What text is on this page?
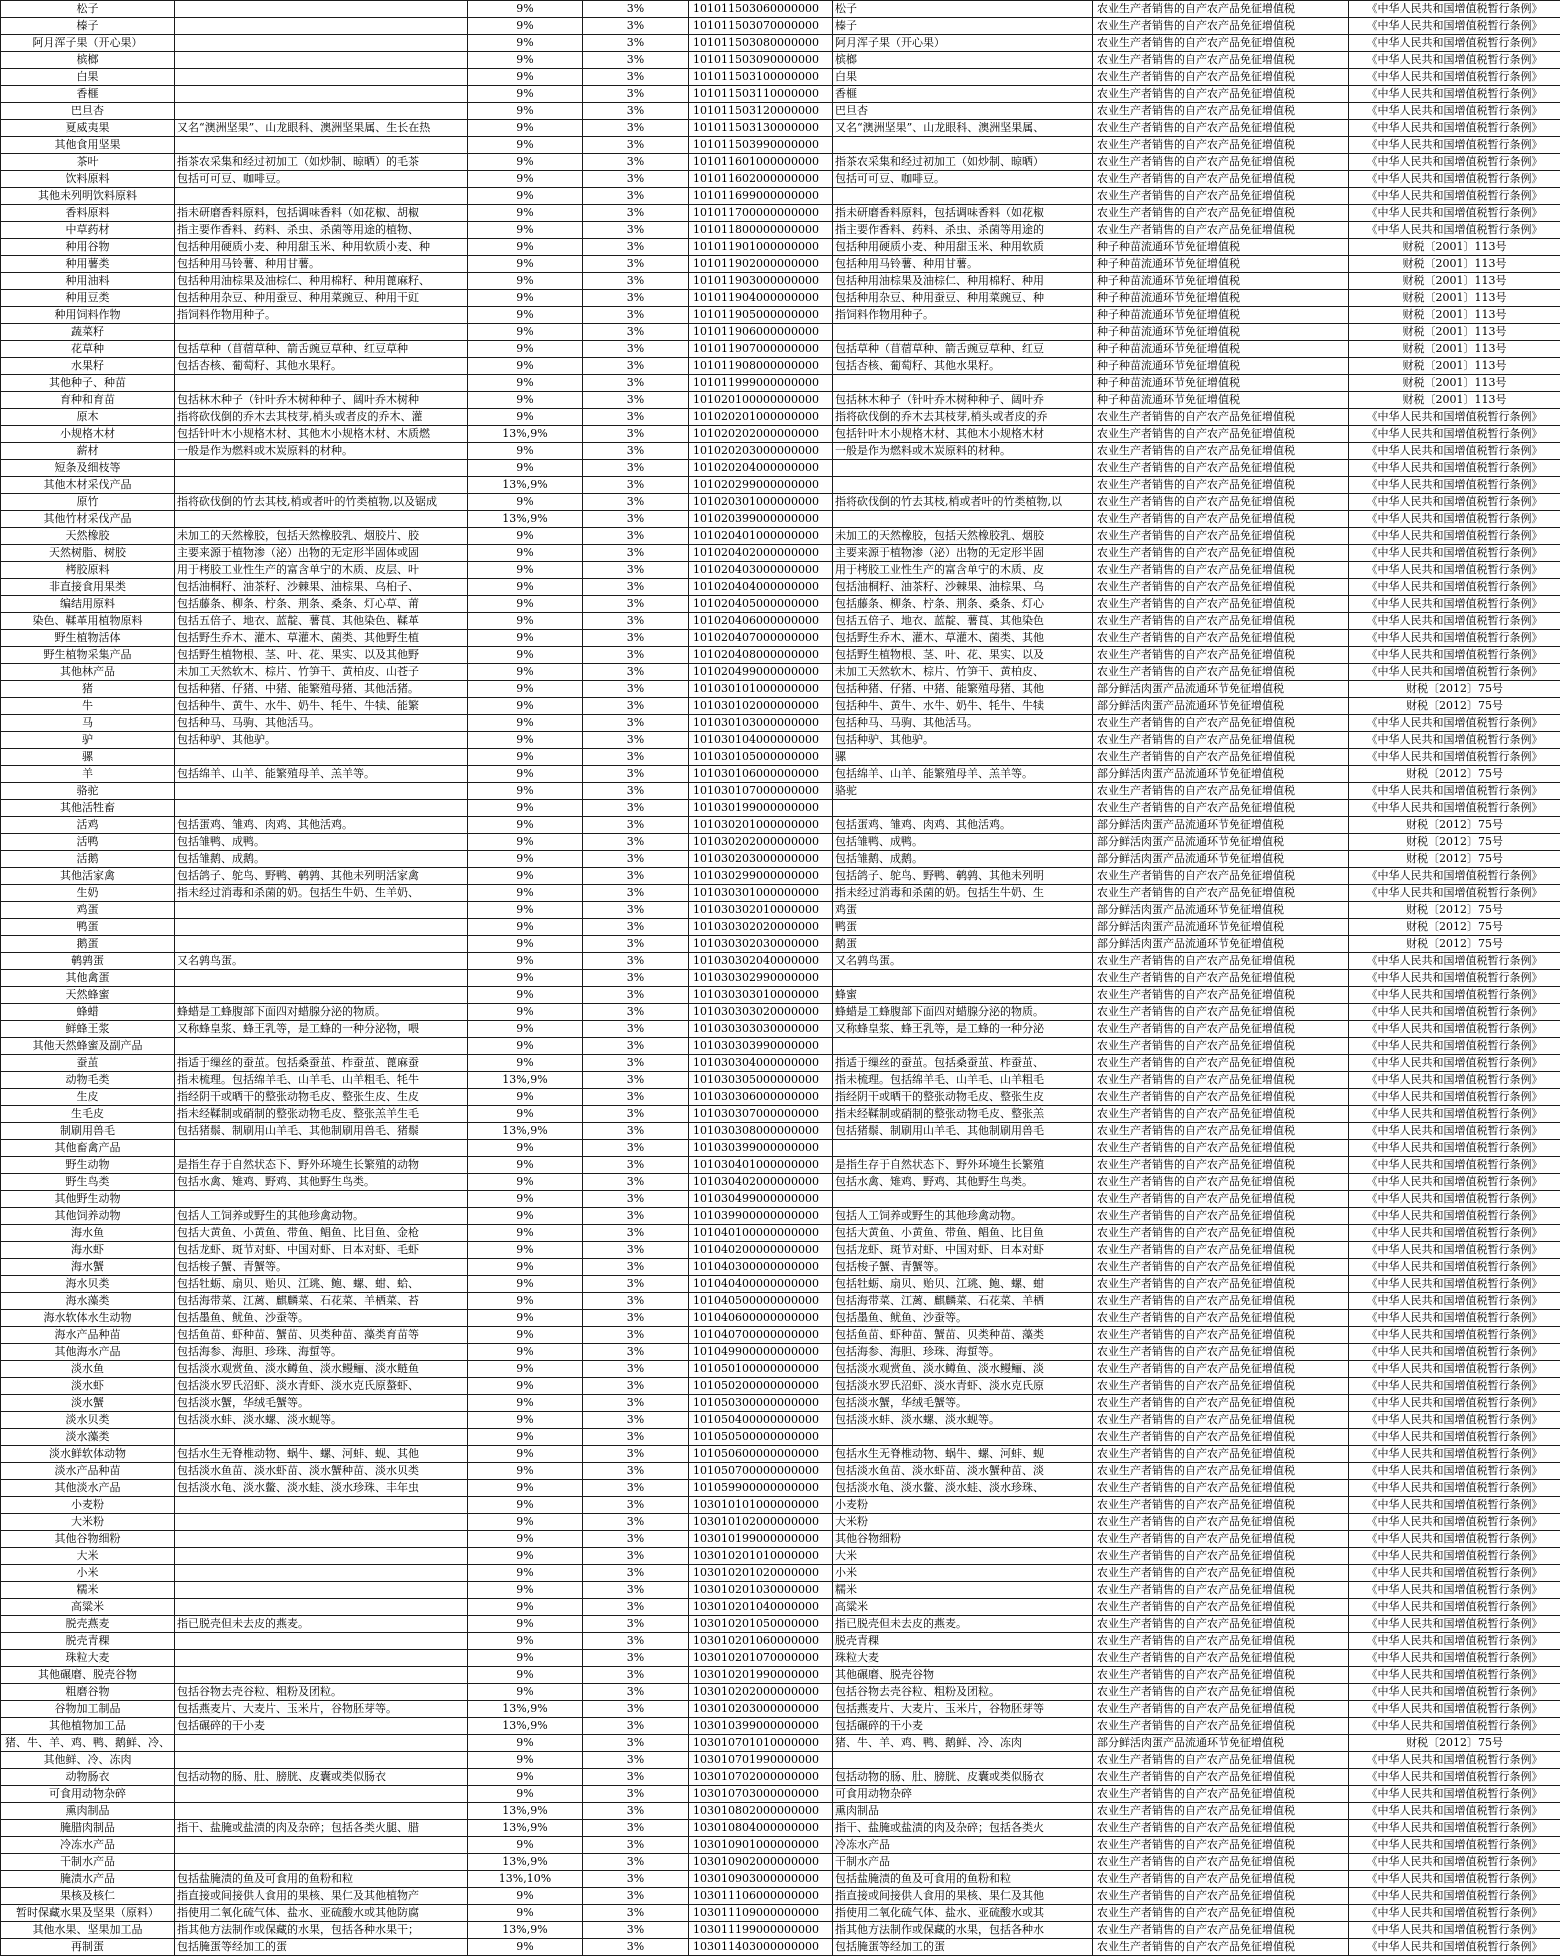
松子		9%	3%	101011503060000000	松子	农业生产者销售的自产农产品免征增值税	《中华人民共和国增值税暂行条例》
榛子		9%	3%	101011503070000000	榛子	农业生产者销售的自产农产品免征增值税	《中华人民共和国增值税暂行条例》
阿月浑子果（开心果）		9%	3%	101011503080000000	阿月浑子果（开心果）	农业生产者销售的自产农产品免征增值税	《中华人民共和国增值税暂行条例》
槟榔		9%	3%	101011503090000000	槟榔	农业生产者销售的自产农产品免征增值税	《中华人民共和国增值税暂行条例》
白果		9%	3%	101011503100000000	白果	农业生产者销售的自产农产品免征增值税	《中华人民共和国增值税暂行条例》
香榧		9%	3%	101011503110000000	香榧	农业生产者销售的自产农产品免征增值税	《中华人民共和国增值税暂行条例》
巴旦杏		9%	3%	101011503120000000	巴旦杏	农业生产者销售的自产农产品免征增值税	《中华人民共和国增值税暂行条例》
夏威夷果	又名“澳洲坚果”、山龙眼科、澳洲坚果属、生长在热	9%	3%	101011503130000000	又名“澳洲坚果”、山龙眼科、澳洲坚果属、	农业生产者销售的自产农产品免征增值税	《中华人民共和国增值税暂行条例》
其他食用坚果		9%	3%	101011503990000000		农业生产者销售的自产农产品免征增值税	《中华人民共和国增值税暂行条例》
茶叶	指茶农采集和经过初加工（如炒制、晾晒）的毛茶	9%	3%	101011601000000000	指茶农采集和经过初加工（如炒制、晾晒）	农业生产者销售的自产农产品免征增值税	《中华人民共和国增值税暂行条例》
饮料原料	包括可可豆、咖啡豆。	9%	3%	101011602000000000	包括可可豆、咖啡豆。	农业生产者销售的自产农产品免征增值税	《中华人民共和国增值税暂行条例》
其他未列明饮料原料		9%	3%	101011699000000000		农业生产者销售的自产农产品免征增值税	《中华人民共和国增值税暂行条例》
香料原料	指未研磨香料原料，包括调味香料（如花椒、胡椒	9%	3%	101011700000000000	指未研磨香料原料，包括调味香料（如花椒	农业生产者销售的自产农产品免征增值税	《中华人民共和国增值税暂行条例》
中草药材	指主要作香料、药料、杀虫、杀菌等用途的植物、	9%	3%	101011800000000000	指主要作香料、药料、杀虫、杀菌等用途的	农业生产者销售的自产农产品免征增值税	《中华人民共和国增值税暂行条例》
种用谷物	包括种用硬质小麦、种用甜玉米、种用软质小麦、种	9%	3%	101011901000000000	包括种用硬质小麦、种用甜玉米、种用软质	种子种苗流通环节免征增值税	财税〔2001〕113号
种用薯类	包括种用马铃薯、种用甘薯。	9%	3%	101011902000000000	包括种用马铃薯、种用甘薯。	种子种苗流通环节免征增值税	财税〔2001〕113号
种用油料	包括种用油棕果及油棕仁、种用棉籽、种用蓖麻籽、	9%	3%	101011903000000000	包括种用油棕果及油棕仁、种用棉籽、种用	种子种苗流通环节免征增值税	财税〔2001〕113号
种用豆类	包括种用杂豆、种用蚕豆、种用菜豌豆、种用干豇	9%	3%	101011904000000000	包括种用杂豆、种用蚕豆、种用菜豌豆、种	种子种苗流通环节免征增值税	财税〔2001〕113号
种用饲料作物	指饲料作物用种子。	9%	3%	101011905000000000	指饲料作物用种子。	种子种苗流通环节免征增值税	财税〔2001〕113号
蔬菜籽		9%	3%	101011906000000000		种子种苗流通环节免征增值税	财税〔2001〕113号
花草种	包括草种（苜蓿草种、箭舌豌豆草种、红豆草种	9%	3%	101011907000000000	包括草种（苜蓿草种、箭舌豌豆草种、红豆	种子种苗流通环节免征增值税	财税〔2001〕113号
水果籽	包括杏核、葡萄籽、其他水果籽。	9%	3%	101011908000000000	包括杏核、葡萄籽、其他水果籽。	种子种苗流通环节免征增值税	财税〔2001〕113号
其他种子、种苗		9%	3%	101011999000000000		种子种苗流通环节免征增值税	财税〔2001〕113号
育种和育苗	包括林木种子（针叶乔木树种种子、阔叶乔木树种	9%	3%	101020100000000000	包括林木种子（针叶乔木树种种子、阔叶乔	种子种苗流通环节免征增值税	财税〔2001〕113号
原木	指将砍伐倒的乔木去其枝芽,梢头或者皮的乔木、灌	9%	3%	101020201000000000	指将砍伐倒的乔木去其枝芽,梢头或者皮的乔	农业生产者销售的自产农产品免征增值税	《中华人民共和国增值税暂行条例》
小规格木材	包括针叶木小规格木材、其他木小规格木材、木质燃	13%,9%	3%	101020202000000000	包括针叶木小规格木材、其他木小规格木材	农业生产者销售的自产农产品免征增值税	《中华人民共和国增值税暂行条例》
薪材	一般是作为燃料或木炭原料的材种。	9%	3%	101020203000000000	一般是作为燃料或木炭原料的材种。	农业生产者销售的自产农产品免征增值税	《中华人民共和国增值税暂行条例》
短条及细枝等		9%	3%	101020204000000000		农业生产者销售的自产农产品免征增值税	《中华人民共和国增值税暂行条例》
其他木材采伐产品		13%,9%	3%	101020299000000000		农业生产者销售的自产农产品免征增值税	《中华人民共和国增值税暂行条例》
原竹	指将砍伐倒的竹去其枝,梢或者叶的竹类植物,以及锯成	9%	3%	101020301000000000	指将砍伐倒的竹去其枝,梢或者叶的竹类植物,以	农业生产者销售的自产农产品免征增值税	《中华人民共和国增值税暂行条例》
其他竹材采伐产品		13%,9%	3%	101020399000000000		农业生产者销售的自产农产品免征增值税	《中华人民共和国增值税暂行条例》
天然橡胶	未加工的天然橡胶，包括天然橡胶乳、烟胶片、胶	9%	3%	101020401000000000	未加工的天然橡胶，包括天然橡胶乳、烟胶	农业生产者销售的自产农产品免征增值税	《中华人民共和国增值税暂行条例》
天然树脂、树胶	主要来源于植物渗（泌）出物的无定形半固体或固	9%	3%	101020402000000000	主要来源于植物渗（泌）出物的无定形半固	农业生产者销售的自产农产品免征增值税	《中华人民共和国增值税暂行条例》
栲胶原料	用于栲胶工业性生产的富含单宁的木质、皮层、叶	9%	3%	101020403000000000	用于栲胶工业性生产的富含单宁的木质、皮	农业生产者销售的自产农产品免征增值税	《中华人民共和国增值税暂行条例》
非直接食用果类	包括油桐籽、油茶籽、沙棘果、油棕果、乌桕子、	9%	3%	101020404000000000	包括油桐籽、油茶籽、沙棘果、油棕果、乌	农业生产者销售的自产农产品免征增值税	《中华人民共和国增值税暂行条例》
编结用原料	包括藤条、柳条、柠条、荆条、桑条、灯心草、莆	9%	3%	101020405000000000	包括藤条、柳条、柠条、荆条、桑条、灯心	农业生产者销售的自产农产品免征增值税	《中华人民共和国增值税暂行条例》
染色、鞣革用植物原料	包括五倍子、地衣、蓝靛、薯茛、其他染色、鞣革	9%	3%	101020406000000000	包括五倍子、地衣、蓝靛、薯茛、其他染色	农业生产者销售的自产农产品免征增值税	《中华人民共和国增值税暂行条例》
野生植物活体	包括野生乔木、灌木、草灌木、菌类、其他野生植	9%	3%	101020407000000000	包括野生乔木、灌木、草灌木、菌类、其他	农业生产者销售的自产农产品免征增值税	《中华人民共和国增值税暂行条例》
野生植物采集产品	包括野生植物根、茎、叶、花、果实、以及其他野	9%	3%	101020408000000000	包括野生植物根、茎、叶、花、果实、以及	农业生产者销售的自产农产品免征增值税	《中华人民共和国增值税暂行条例》
其他林产品	未加工天然软木、棕片、竹笋干、黄柏皮、山苍子	9%	3%	101020499000000000	未加工天然软木、棕片、竹笋干、黄柏皮、	农业生产者销售的自产农产品免征增值税	《中华人民共和国增值税暂行条例》
猪	包括种猪、仔猪、中猪、能繁殖母猪、其他活猪。	9%	3%	101030101000000000	包括种猪、仔猪、中猪、能繁殖母猪、其他	部分鲜活肉蛋产品流通环节免征增值税	财税〔2012〕75号
牛	包括种牛、黄牛、水牛、奶牛、牦牛、牛犊、能繁	9%	3%	101030102000000000	包括种牛、黄牛、水牛、奶牛、牦牛、牛犊	部分鲜活肉蛋产品流通环节免征增值税	财税〔2012〕75号
马	包括种马、马驹、其他活马。	9%	3%	101030103000000000	包括种马、马驹、其他活马。	农业生产者销售的自产农产品免征增值税	《中华人民共和国增值税暂行条例》
驴	包括种驴、其他驴。	9%	3%	101030104000000000	包括种驴、其他驴。	农业生产者销售的自产农产品免征增值税	《中华人民共和国增值税暂行条例》
骡		9%	3%	101030105000000000	骡	农业生产者销售的自产农产品免征增值税	《中华人民共和国增值税暂行条例》
羊	包括绵羊、山羊、能繁殖母羊、羔羊等。	9%	3%	101030106000000000	包括绵羊、山羊、能繁殖母羊、羔羊等。	部分鲜活肉蛋产品流通环节免征增值税	财税〔2012〕75号
骆驼		9%	3%	101030107000000000	骆驼	农业生产者销售的自产农产品免征增值税	《中华人民共和国增值税暂行条例》
其他活牲畜		9%	3%	101030199000000000		农业生产者销售的自产农产品免征增值税	《中华人民共和国增值税暂行条例》
活鸡	包括蛋鸡、雏鸡、肉鸡、其他活鸡。	9%	3%	101030201000000000	包括蛋鸡、雏鸡、肉鸡、其他活鸡。	部分鲜活肉蛋产品流通环节免征增值税	财税〔2012〕75号
活鸭	包括雏鸭、成鸭。	9%	3%	101030202000000000	包括雏鸭、成鸭。	部分鲜活肉蛋产品流通环节免征增值税	财税〔2012〕75号
活鹅	包括雏鹅、成鹅。	9%	3%	101030203000000000	包括雏鹅、成鹅。	部分鲜活肉蛋产品流通环节免征增值税	财税〔2012〕75号
其他活家禽	包括鸽子、鸵鸟、野鸭、鹌鹑、其他未列明活家禽	9%	3%	101030299000000000	包括鸽子、鸵鸟、野鸭、鹌鹑、其他未列明	农业生产者销售的自产农产品免征增值税	《中华人民共和国增值税暂行条例》
生奶	指未经过消毒和杀菌的奶。包括生牛奶、生羊奶、	9%	3%	101030301000000000	指未经过消毒和杀菌的奶。包括生牛奶、生	农业生产者销售的自产农产品免征增值税	《中华人民共和国增值税暂行条例》
鸡蛋		9%	3%	101030302010000000	鸡蛋	部分鲜活肉蛋产品流通环节免征增值税	财税〔2012〕75号
鸭蛋		9%	3%	101030302020000000	鸭蛋	部分鲜活肉蛋产品流通环节免征增值税	财税〔2012〕75号
鹅蛋		9%	3%	101030302030000000	鹅蛋	部分鲜活肉蛋产品流通环节免征增值税	财税〔2012〕75号
鹌鹑蛋	又名鹑鸟蛋。	9%	3%	101030302040000000	又名鹑鸟蛋。	农业生产者销售的自产农产品免征增值税	《中华人民共和国增值税暂行条例》
其他禽蛋		9%	3%	101030302990000000		农业生产者销售的自产农产品免征增值税	《中华人民共和国增值税暂行条例》
天然蜂蜜		9%	3%	101030303010000000	蜂蜜	农业生产者销售的自产农产品免征增值税	《中华人民共和国增值税暂行条例》
蜂蜡	蜂蜡是工蜂腹部下面四对蜡腺分泌的物质。	9%	3%	101030303020000000	蜂蜡是工蜂腹部下面四对蜡腺分泌的物质。	农业生产者销售的自产农产品免征增值税	《中华人民共和国增值税暂行条例》
鲜蜂王浆	又称蜂皇浆、蜂王乳等，是工蜂的一种分泌物，喂	9%	3%	101030303030000000	又称蜂皇浆、蜂王乳等，是工蜂的一种分泌	农业生产者销售的自产农产品免征增值税	《中华人民共和国增值税暂行条例》
其他天然蜂蜜及副产品		9%	3%	101030303990000000		农业生产者销售的自产农产品免征增值税	《中华人民共和国增值税暂行条例》
蚕茧	指适于缫丝的蚕茧。包括桑蚕茧、柞蚕茧、蓖麻蚕	9%	3%	101030304000000000	指适于缫丝的蚕茧。包括桑蚕茧、柞蚕茧、	农业生产者销售的自产农产品免征增值税	《中华人民共和国增值税暂行条例》
动物毛类	指未梳理。包括绵羊毛、山羊毛、山羊粗毛、牦牛	13%,9%	3%	101030305000000000	指未梳理。包括绵羊毛、山羊毛、山羊粗毛	农业生产者销售的自产农产品免征增值税	《中华人民共和国增值税暂行条例》
生皮	指经阴干或晒干的整张动物毛皮、整张生皮、生皮	9%	3%	101030306000000000	指经阴干或晒干的整张动物毛皮、整张生皮	农业生产者销售的自产农产品免征增值税	《中华人民共和国增值税暂行条例》
生毛皮	指未经鞣制或硝制的整张动物毛皮、整张羔羊生毛	9%	3%	101030307000000000	指未经鞣制或硝制的整张动物毛皮、整张羔	农业生产者销售的自产农产品免征增值税	《中华人民共和国增值税暂行条例》
制刷用兽毛	包括猪鬃、制刷用山羊毛、其他制刷用兽毛、猪鬃	13%,9%	3%	101030308000000000	包括猪鬃、制刷用山羊毛、其他制刷用兽毛	农业生产者销售的自产农产品免征增值税	《中华人民共和国增值税暂行条例》
其他畜禽产品		9%	3%	101030399000000000		农业生产者销售的自产农产品免征增值税	《中华人民共和国增值税暂行条例》
野生动物	是指生存于自然状态下、野外环境生长繁殖的动物	9%	3%	101030401000000000	是指生存于自然状态下、野外环境生长繁殖	农业生产者销售的自产农产品免征增值税	《中华人民共和国增值税暂行条例》
野生鸟类	包括水禽、雉鸡、野鸡、其他野生鸟类。	9%	3%	101030402000000000	包括水禽、雉鸡、野鸡、其他野生鸟类。	农业生产者销售的自产农产品免征增值税	《中华人民共和国增值税暂行条例》
其他野生动物		9%	3%	101030499000000000		农业生产者销售的自产农产品免征增值税	《中华人民共和国增值税暂行条例》
其他饲养动物	包括人工饲养或野生的其他珍禽动物。	9%	3%	101039900000000000	包括人工饲养或野生的其他珍禽动物。	农业生产者销售的自产农产品免征增值税	《中华人民共和国增值税暂行条例》
海水鱼	包括大黄鱼、小黄鱼、带鱼、鲳鱼、比目鱼、金枪	9%	3%	101040100000000000	包括大黄鱼、小黄鱼、带鱼、鲳鱼、比目鱼	农业生产者销售的自产农产品免征增值税	《中华人民共和国增值税暂行条例》
海水虾	包括龙虾、斑节对虾、中国对虾、日本对虾、毛虾	9%	3%	101040200000000000	包括龙虾、斑节对虾、中国对虾、日本对虾	农业生产者销售的自产农产品免征增值税	《中华人民共和国增值税暂行条例》
海水蟹	包括梭子蟹、青蟹等。	9%	3%	101040300000000000	包括梭子蟹、青蟹等。	农业生产者销售的自产农产品免征增值税	《中华人民共和国增值税暂行条例》
海水贝类	包括牡蛎、扇贝、贻贝、江珧、鲍、螺、蚶、蛤、	9%	3%	101040400000000000	包括牡蛎、扇贝、贻贝、江珧、鲍、螺、蚶	农业生产者销售的自产农产品免征增值税	《中华人民共和国增值税暂行条例》
海水藻类	包括海带菜、江蓠、麒麟菜、石花菜、羊栖菜、苔	9%	3%	101040500000000000	包括海带菜、江蓠、麒麟菜、石花菜、羊栖	农业生产者销售的自产农产品免征增值税	《中华人民共和国增值税暂行条例》
海水软体水生动物	包括墨鱼、鱿鱼、沙蚕等。	9%	3%	101040600000000000	包括墨鱼、鱿鱼、沙蚕等。	农业生产者销售的自产农产品免征增值税	《中华人民共和国增值税暂行条例》
海水产品种苗	包括鱼苗、虾种苗、蟹苗、贝类种苗、藻类育苗等	9%	3%	101040700000000000	包括鱼苗、虾种苗、蟹苗、贝类种苗、藻类	农业生产者销售的自产农产品免征增值税	《中华人民共和国增值税暂行条例》
其他海水产品	包括海参、海胆、珍珠、海蜇等。	9%	3%	101049900000000000	包括海参、海胆、珍珠、海蜇等。	农业生产者销售的自产农产品免征增值税	《中华人民共和国增值税暂行条例》
淡水鱼	包括淡水观赏鱼、淡水鳟鱼、淡水鳗鲡、淡水鲢鱼	9%	3%	101050100000000000	包括淡水观赏鱼、淡水鳟鱼、淡水鳗鲡、淡	农业生产者销售的自产农产品免征增值税	《中华人民共和国增值税暂行条例》
淡水虾	包括淡水罗氏沼虾、淡水青虾、淡水克氏原螯虾、	9%	3%	101050200000000000	包括淡水罗氏沼虾、淡水青虾、淡水克氏原	农业生产者销售的自产农产品免征增值税	《中华人民共和国增值税暂行条例》
淡水蟹	包括淡水蟹，华绒毛蟹等。	9%	3%	101050300000000000	包括淡水蟹，华绒毛蟹等。	农业生产者销售的自产农产品免征增值税	《中华人民共和国增值税暂行条例》
淡水贝类	包括淡水蚌、淡水螺、淡水蚬等。	9%	3%	101050400000000000	包括淡水蚌、淡水螺、淡水蚬等。	农业生产者销售的自产农产品免征增值税	《中华人民共和国增值税暂行条例》
淡水藻类		9%	3%	101050500000000000		农业生产者销售的自产农产品免征增值税	《中华人民共和国增值税暂行条例》
淡水鲜软体动物	包括水生无脊椎动物、蜗牛、螺、河蚌、蚬、其他	9%	3%	101050600000000000	包括水生无脊椎动物、蜗牛、螺、河蚌、蚬	农业生产者销售的自产农产品免征增值税	《中华人民共和国增值税暂行条例》
淡水产品种苗	包括淡水鱼苗、淡水虾苗、淡水蟹种苗、淡水贝类	9%	3%	101050700000000000	包括淡水鱼苗、淡水虾苗、淡水蟹种苗、淡	农业生产者销售的自产农产品免征增值税	《中华人民共和国增值税暂行条例》
其他淡水产品	包括淡水龟、淡水鳖、淡水蛙、淡水珍珠、丰年虫	9%	3%	101059900000000000	包括淡水龟、淡水鳖、淡水蛙、淡水珍珠、	农业生产者销售的自产农产品免征增值税	《中华人民共和国增值税暂行条例》
小麦粉		9%	3%	103010101000000000	小麦粉	农业生产者销售的自产农产品免征增值税	《中华人民共和国增值税暂行条例》
大米粉		9%	3%	103010102000000000	大米粉	农业生产者销售的自产农产品免征增值税	《中华人民共和国增值税暂行条例》
其他谷物细粉		9%	3%	103010199000000000	其他谷物细粉	农业生产者销售的自产农产品免征增值税	《中华人民共和国增值税暂行条例》
大米		9%	3%	103010201010000000	大米	农业生产者销售的自产农产品免征增值税	《中华人民共和国增值税暂行条例》
小米		9%	3%	103010201020000000	小米	农业生产者销售的自产农产品免征增值税	《中华人民共和国增值税暂行条例》
糯米		9%	3%	103010201030000000	糯米	农业生产者销售的自产农产品免征增值税	《中华人民共和国增值税暂行条例》
高粱米		9%	3%	103010201040000000	高粱米	农业生产者销售的自产农产品免征增值税	《中华人民共和国增值税暂行条例》
脱壳燕麦	指已脱壳但未去皮的燕麦。	9%	3%	103010201050000000	指已脱壳但未去皮的燕麦。	农业生产者销售的自产农产品免征增值税	《中华人民共和国增值税暂行条例》
脱壳青稞		9%	3%	103010201060000000	脱壳青稞	农业生产者销售的自产农产品免征增值税	《中华人民共和国增值税暂行条例》
珠粒大麦		9%	3%	103010201070000000	珠粒大麦	农业生产者销售的自产农产品免征增值税	《中华人民共和国增值税暂行条例》
其他碾磨、脱壳谷物		9%	3%	103010201990000000	其他碾磨、脱壳谷物	农业生产者销售的自产农产品免征增值税	《中华人民共和国增值税暂行条例》
粗磨谷物	包括谷物去壳谷粒、粗粉及团粒。	9%	3%	103010202000000000	包括谷物去壳谷粒、粗粉及团粒。	农业生产者销售的自产农产品免征增值税	《中华人民共和国增值税暂行条例》
谷物加工制品	包括燕麦片、大麦片、玉米片，谷物胚芽等。	13%,9%	3%	103010203000000000	包括燕麦片、大麦片、玉米片，谷物胚芽等	农业生产者销售的自产农产品免征增值税	《中华人民共和国增值税暂行条例》
其他植物加工品	包括碾碎的干小麦	13%,9%	3%	103010399000000000	包括碾碎的干小麦	农业生产者销售的自产农产品免征增值税	《中华人民共和国增值税暂行条例》
猪、牛、羊、鸡、鸭、鹅鲜、冷、		9%	3%	103010701010000000	猪、牛、羊、鸡、鸭、鹅鲜、冷、冻肉	部分鲜活肉蛋产品流通环节免征增值税	财税〔2012〕75号
其他鲜、冷、冻肉		9%	3%	103010701990000000		农业生产者销售的自产农产品免征增值税	《中华人民共和国增值税暂行条例》
动物肠衣	包括动物的肠、肚、膀胱、皮囊或类似肠衣	9%	3%	103010702000000000	包括动物的肠、肚、膀胱、皮囊或类似肠衣	农业生产者销售的自产农产品免征增值税	《中华人民共和国增值税暂行条例》
可食用动物杂碎		9%	3%	103010703000000000	可食用动物杂碎	农业生产者销售的自产农产品免征增值税	《中华人民共和国增值税暂行条例》
熏肉制品		13%,9%	3%	103010802000000000	熏肉制品	农业生产者销售的自产农产品免征增值税	《中华人民共和国增值税暂行条例》
腌腊肉制品	指干、盐腌或盐渍的肉及杂碎；包括各类火腿、腊	13%,9%	3%	103010804000000000	指干、盐腌或盐渍的肉及杂碎；包括各类火	农业生产者销售的自产农产品免征增值税	《中华人民共和国增值税暂行条例》
冷冻水产品		9%	3%	103010901000000000	冷冻水产品	农业生产者销售的自产农产品免征增值税	《中华人民共和国增值税暂行条例》
干制水产品		13%,9%	3%	103010902000000000	干制水产品	农业生产者销售的自产农产品免征增值税	《中华人民共和国增值税暂行条例》
腌渍水产品	包括盐腌渍的鱼及可食用的鱼粉和粒	13%,10%	3%	103010903000000000	包括盐腌渍的鱼及可食用的鱼粉和粒	农业生产者销售的自产农产品免征增值税	《中华人民共和国增值税暂行条例》
果核及核仁	指直接或间接供人食用的果核、果仁及其他植物产	9%	3%	103011106000000000	指直接或间接供人食用的果核、果仁及其他	农业生产者销售的自产农产品免征增值税	《中华人民共和国增值税暂行条例》
暂时保藏水果及坚果（原料）	指使用二氧化硫气体、盐水、亚硫酸水或其他防腐	9%	3%	103011109000000000	指使用二氧化硫气体、盐水、亚硫酸水或其	农业生产者销售的自产农产品免征增值税	《中华人民共和国增值税暂行条例》
其他水果、坚果加工品	指其他方法制作或保藏的水果，包括各种水果干；	13%,9%	3%	103011199000000000	指其他方法制作或保藏的水果，包括各种水	农业生产者销售的自产农产品免征增值税	《中华人民共和国增值税暂行条例》
再制蛋	包括腌蛋等经加工的蛋	9%	3%	103011403000000000	包括腌蛋等经加工的蛋	农业生产者销售的自产农产品免征增值税	《中华人民共和国增值税暂行条例》
